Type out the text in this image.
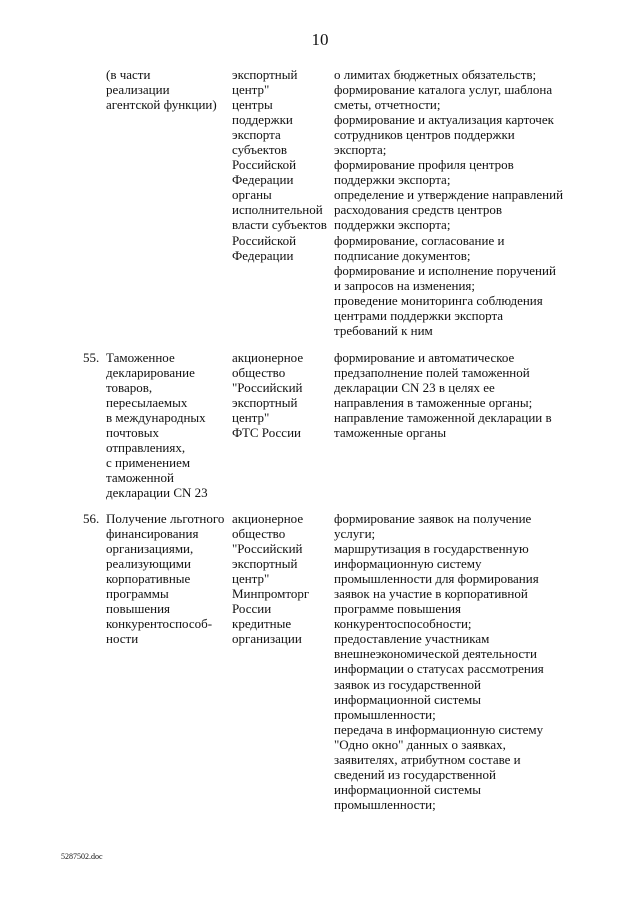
10
(в части
реализации
агентской функции)
экспортный
центр"
центры
поддержки
экспорта
субъектов
Российской
Федерации
органы
исполнительной
власти субъектов
Российской
Федерации
о лимитах бюджетных обязательств;
формирование каталога услуг, шаблона
сметы, отчетности;
формирование и актуализация карточек
сотрудников центров поддержки
экспорта;
формирование профиля центров
поддержки экспорта;
определение и утверждение направлений
расходования средств центров
поддержки экспорта;
формирование, согласование и
подписание документов;
формирование и исполнение поручений
и запросов на изменения;
проведение мониторинга соблюдения
центрами поддержки экспорта
требований к ним
55. Таможенное
декларирование
товаров,
пересылаемых
в международных
почтовых
отправлениях,
с применением
таможенной
декларации CN 23
акционерное
общество
"Российский
экспортный
центр"
ФТС России
формирование и автоматическое
предзаполнение полей таможенной
декларации CN 23 в целях ее
направления в таможенные органы;
направление таможенной декларации в
таможенные органы
56. Получение льготного
финансирования
организациями,
реализующими
корпоративные
программы
повышения
конкурентоспособ-
ности
акционерное
общество
"Российский
экспортный
центр"
Минпромторг
России
кредитные
организации
формирование заявок на получение
услуги;
маршрутизация в государственную
информационную систему
промышленности для формирования
заявок на участие в корпоративной
программе повышения
конкурентоспособности;
предоставление участникам
внешнеэкономической деятельности
информации о статусах рассмотрения
заявок из государственной
информационной системы
промышленности;
передача в информационную систему
"Одно окно" данных о заявках,
заявителях, атрибутном составе и
сведений из государственной
информационной системы
промышленности;
5287502.doc
